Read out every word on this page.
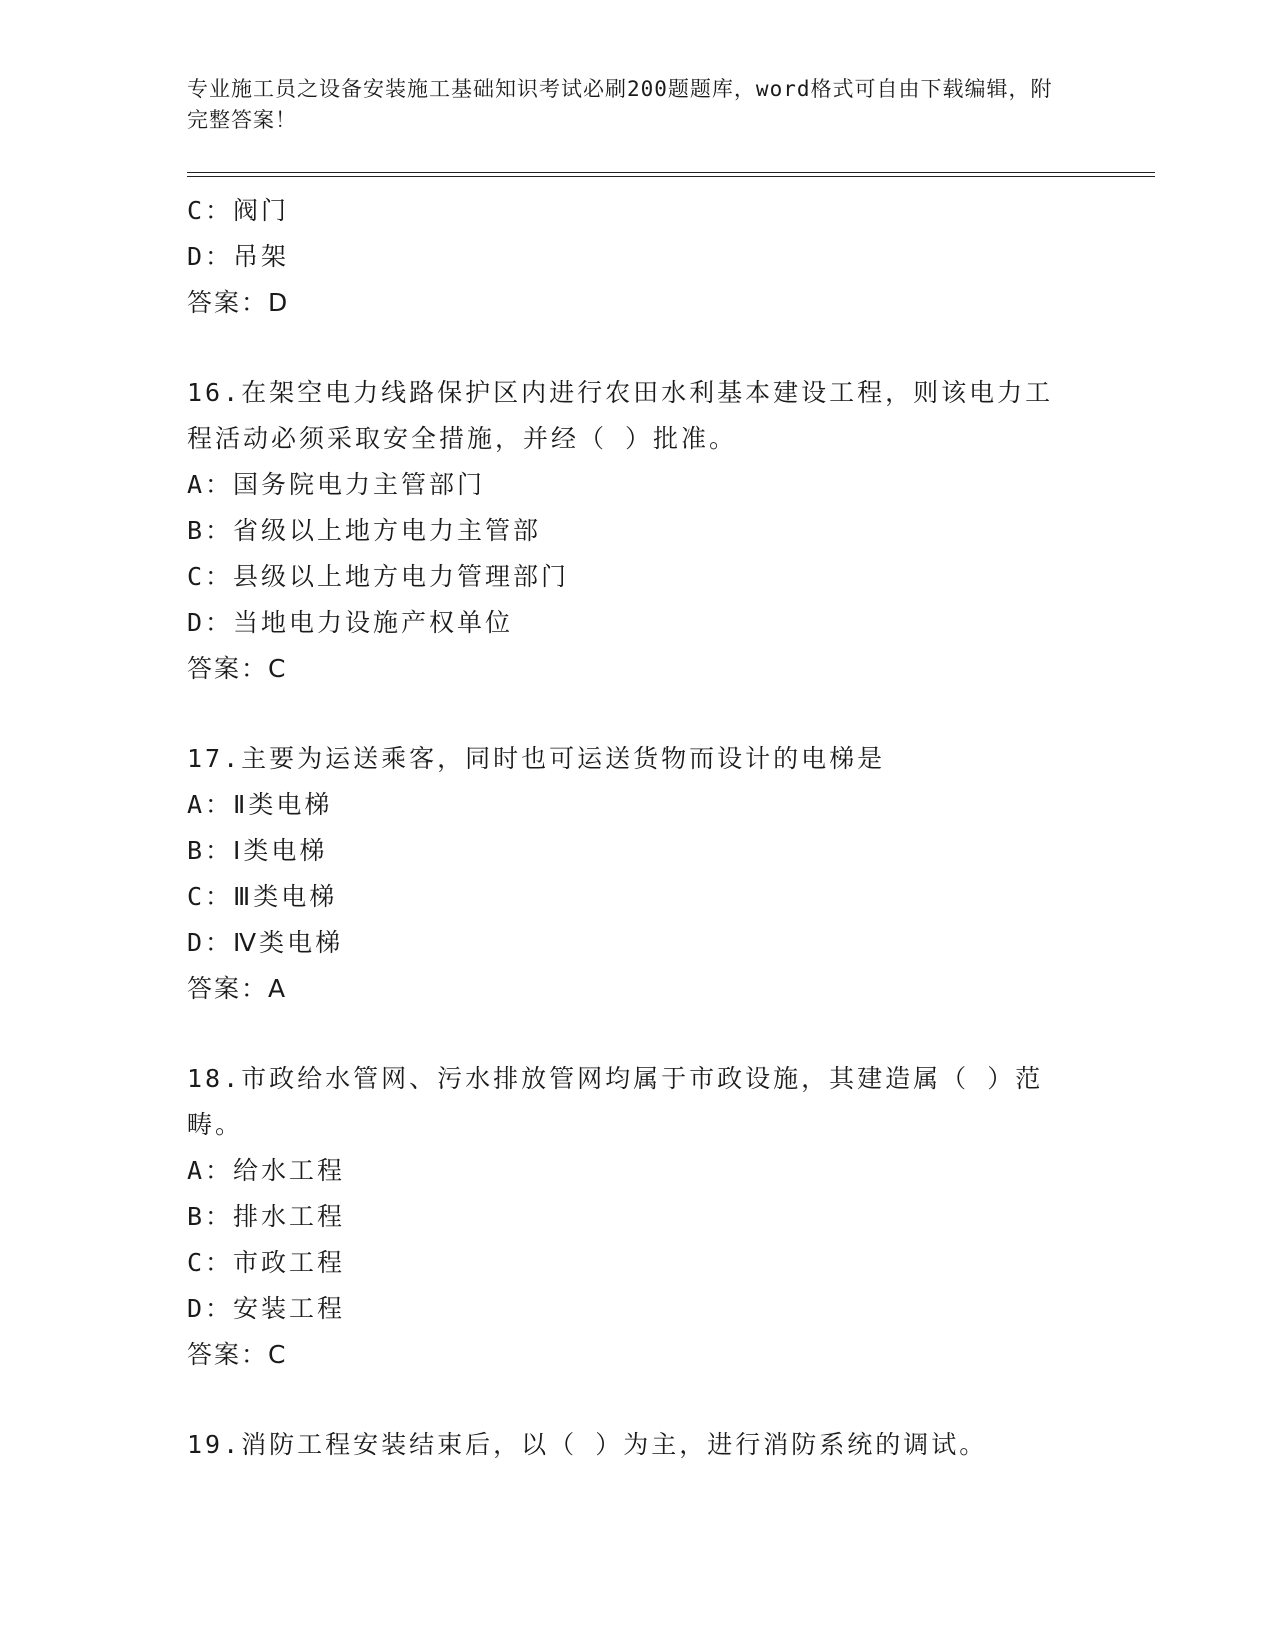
专业施工员之设备安装施工基础知识考试必刷200题题库，word格式可自由下载编辑，附完整答案！

C：阀门
D：吊架
答案：D
16.在架空电力线路保护区内进行农田水利基本建设工程，则该电力工
程活动必须采取安全措施，并经（ ）批准。
A：国务院电力主管部门
B：省级以上地方电力主管部
C：县级以上地方电力管理部门
D：当地电力设施产权单位
答案：C
17.主要为运送乘客，同时也可运送货物而设计的电梯是
A：Ⅱ类电梯
B：Ⅰ类电梯
C：Ⅲ类电梯
D：Ⅳ类电梯
答案：A
18.市政给水管网、污水排放管网均属于市政设施，其建造属（ ）范
畴。
A：给水工程
B：排水工程
C：市政工程
D：安装工程
答案：C
19.消防工程安装结束后，以（ ）为主，进行消防系统的调试。
